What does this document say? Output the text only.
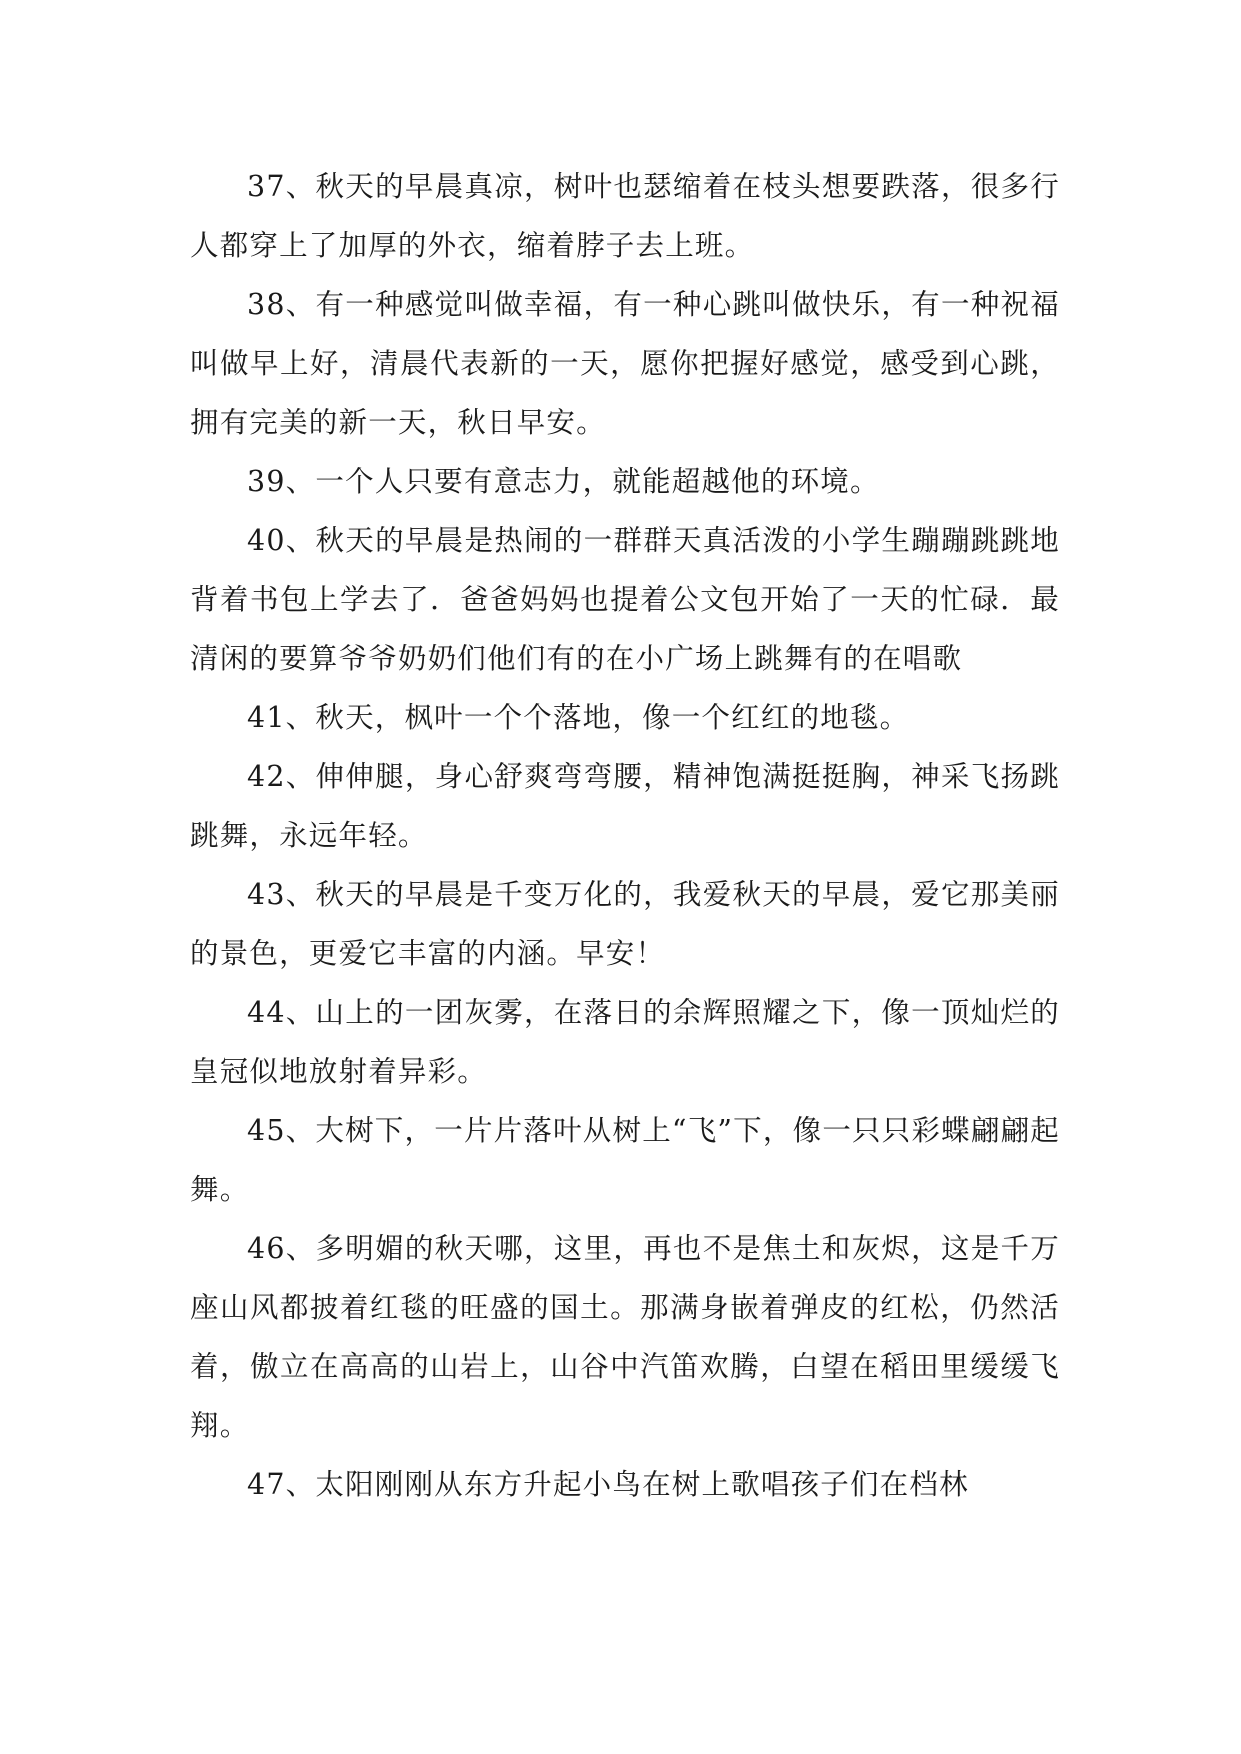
37、秋天的早晨真凉，树叶也瑟缩着在枝头想要跌落，很多行人都穿上了加厚的外衣，缩着脖子去上班。

38、有一种感觉叫做幸福，有一种心跳叫做快乐，有一种祝福叫做早上好，清晨代表新的一天，愿你把握好感觉，感受到心跳，拥有完美的新一天，秋日早安。

39、一个人只要有意志力，就能超越他的环境。

40、秋天的早晨是热闹的一群群天真活泼的小学生蹦蹦跳跳地背着书包上学去了．爸爸妈妈也提着公文包开始了一天的忙碌．最清闲的要算爷爷奶奶们他们有的在小广场上跳舞有的在唱歌

41、秋天，枫叶一个个落地，像一个红红的地毯。

42、伸伸腿，身心舒爽弯弯腰，精神饱满挺挺胸，神采飞扬跳跳舞，永远年轻。

43、秋天的早晨是千变万化的，我爱秋天的早晨，爱它那美丽的景色，更爱它丰富的内涵。早安！

44、山上的一团灰雾，在落日的余辉照耀之下，像一顶灿烂的皇冠似地放射着异彩。

45、大树下，一片片落叶从树上“飞”下，像一只只彩蝶翩翩起舞。

46、多明媚的秋天哪，这里，再也不是焦土和灰烬，这是千万座山风都披着红毯的旺盛的国土。那满身嵌着弹皮的红松，仍然活着，傲立在高高的山岩上，山谷中汽笛欢腾，白望在稻田里缓缓飞翔。

47、太阳刚刚从东方升起小鸟在树上歌唱孩子们在档林
